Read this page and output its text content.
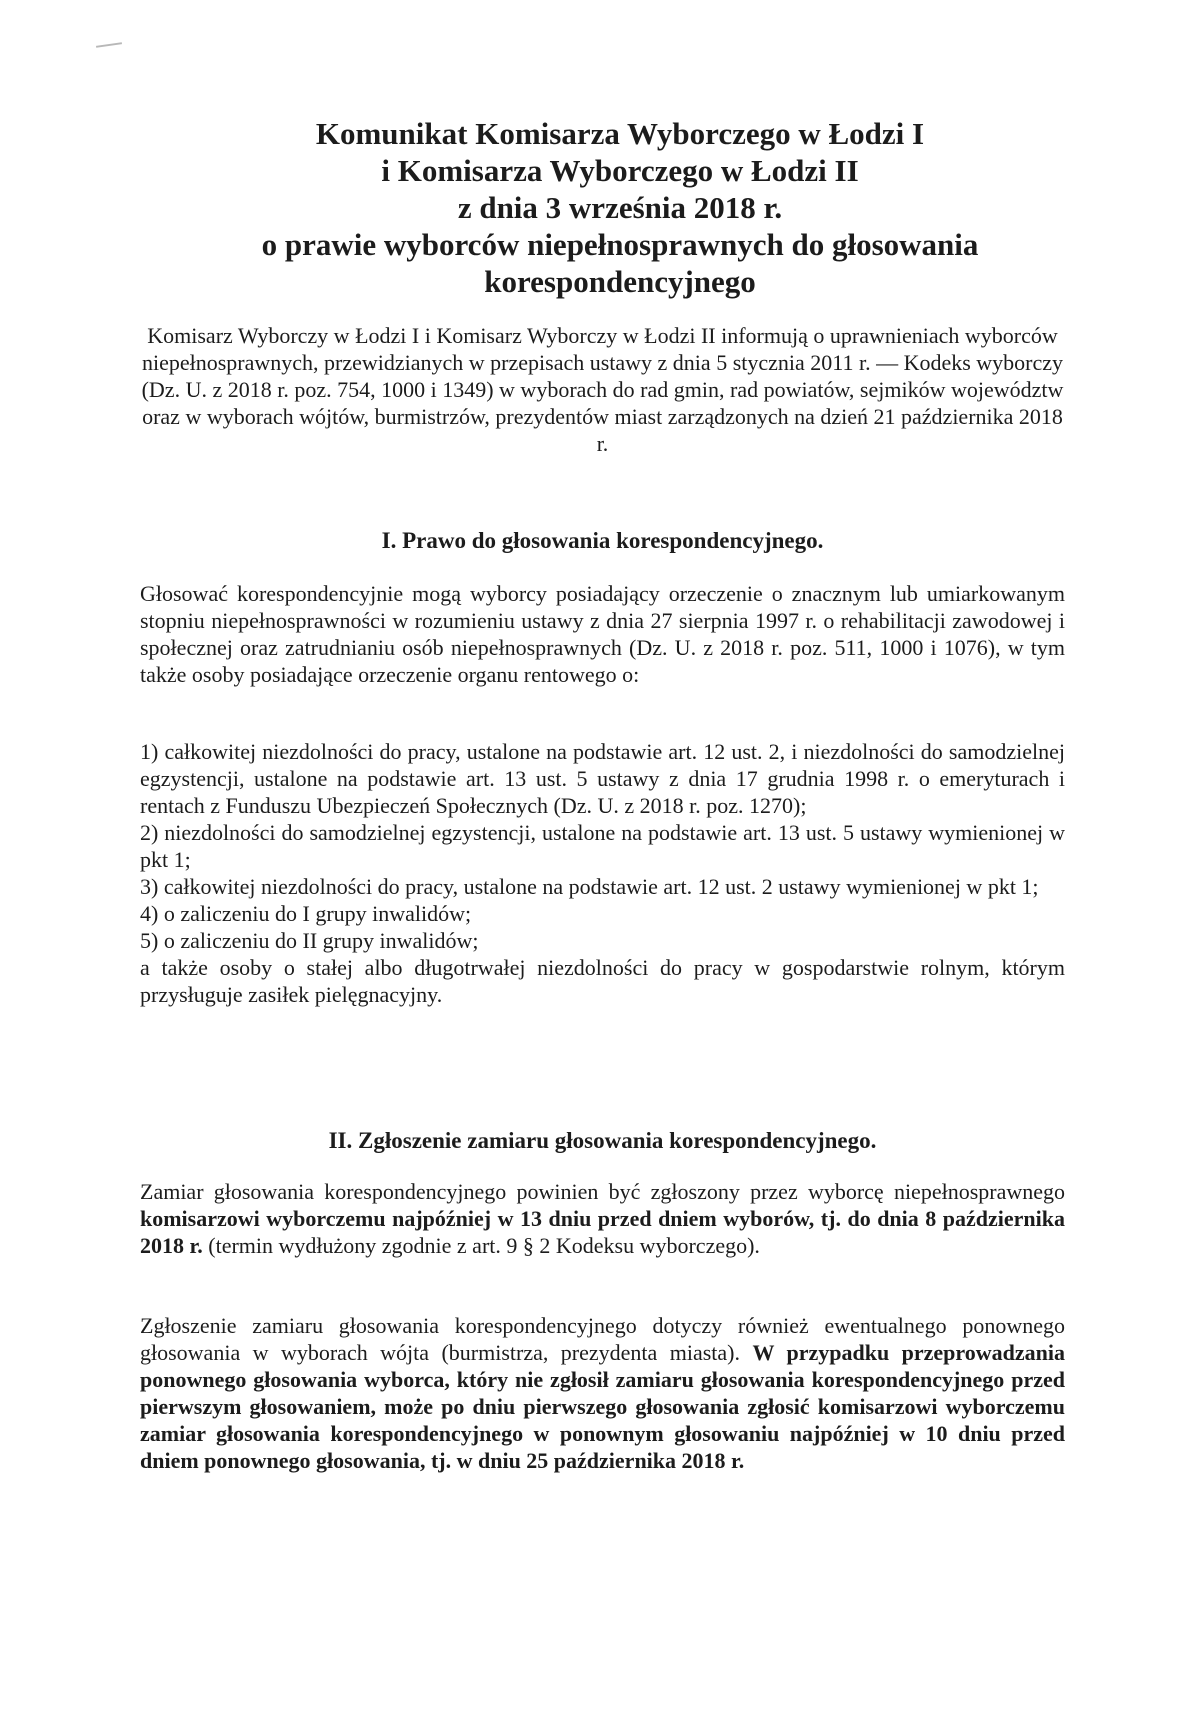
Komunikat Komisarza Wyborczego w Łodzi I
i Komisarza Wyborczego w Łodzi II
z dnia 3 września 2018 r.
o prawie wyborców niepełnosprawnych do głosowania
korespondencyjnego
Komisarz Wyborczy w Łodzi I i Komisarz Wyborczy w Łodzi II informują o uprawnieniach wyborców niepełnosprawnych, przewidzianych w przepisach ustawy z dnia 5 stycznia 2011 r. — Kodeks wyborczy (Dz. U. z 2018 r. poz. 754, 1000 i 1349) w wyborach do rad gmin, rad powiatów, sejmików województw oraz w wyborach wójtów, burmistrzów, prezydentów miast zarządzonych na dzień 21 października 2018 r.
I. Prawo do głosowania korespondencyjnego.
Głosować korespondencyjnie mogą wyborcy posiadający orzeczenie o znacznym lub umiarkowanym stopniu niepełnosprawności w rozumieniu ustawy z dnia 27 sierpnia 1997 r. o rehabilitacji zawodowej i społecznej oraz zatrudnianiu osób niepełnosprawnych (Dz. U. z 2018 r. poz. 511, 1000 i 1076), w tym także osoby posiadające orzeczenie organu rentowego o:

1) całkowitej niezdolności do pracy, ustalone na podstawie art. 12 ust. 2, i niezdolności do samodzielnej egzystencji, ustalone na podstawie art. 13 ust. 5 ustawy z dnia 17 grudnia 1998 r. o emeryturach i rentach z Funduszu Ubezpieczeń Społecznych (Dz. U. z 2018 r. poz. 1270);

2) niezdolności do samodzielnej egzystencji, ustalone na podstawie art. 13 ust. 5 ustawy wymienionej w pkt 1;

3) całkowitej niezdolności do pracy, ustalone na podstawie art. 12 ust. 2 ustawy wymienionej w pkt 1;

4) o zaliczeniu do I grupy inwalidów;

5) o zaliczeniu do II grupy inwalidów;

a także osoby o stałej albo długotrwałej niezdolności do pracy w gospodarstwie rolnym, którym przysługuje zasiłek pielęgnacyjny.

II. Zgłoszenie zamiaru głosowania korespondencyjnego.
Zamiar głosowania korespondencyjnego powinien być zgłoszony przez wyborcę niepełnosprawnego komisarzowi wyborczemu najpóźniej w 13 dniu przed dniem wyborów, tj. do dnia 8 października 2018 r. (termin wydłużony zgodnie z art. 9 § 2 Kodeksu wyborczego).
Zgłoszenie zamiaru głosowania korespondencyjnego dotyczy również ewentualnego ponownego głosowania w wyborach wójta (burmistrza, prezydenta miasta). W przypadku przeprowadzania ponownego głosowania wyborca, który nie zgłosił zamiaru głosowania korespondencyjnego przed pierwszym głosowaniem, może po dniu pierwszego głosowania zgłosić komisarzowi wyborczemu zamiar głosowania korespondencyjnego w ponownym głosowaniu najpóźniej w 10 dniu przed dniem ponownego głosowania, tj. w dniu 25 października 2018 r.
